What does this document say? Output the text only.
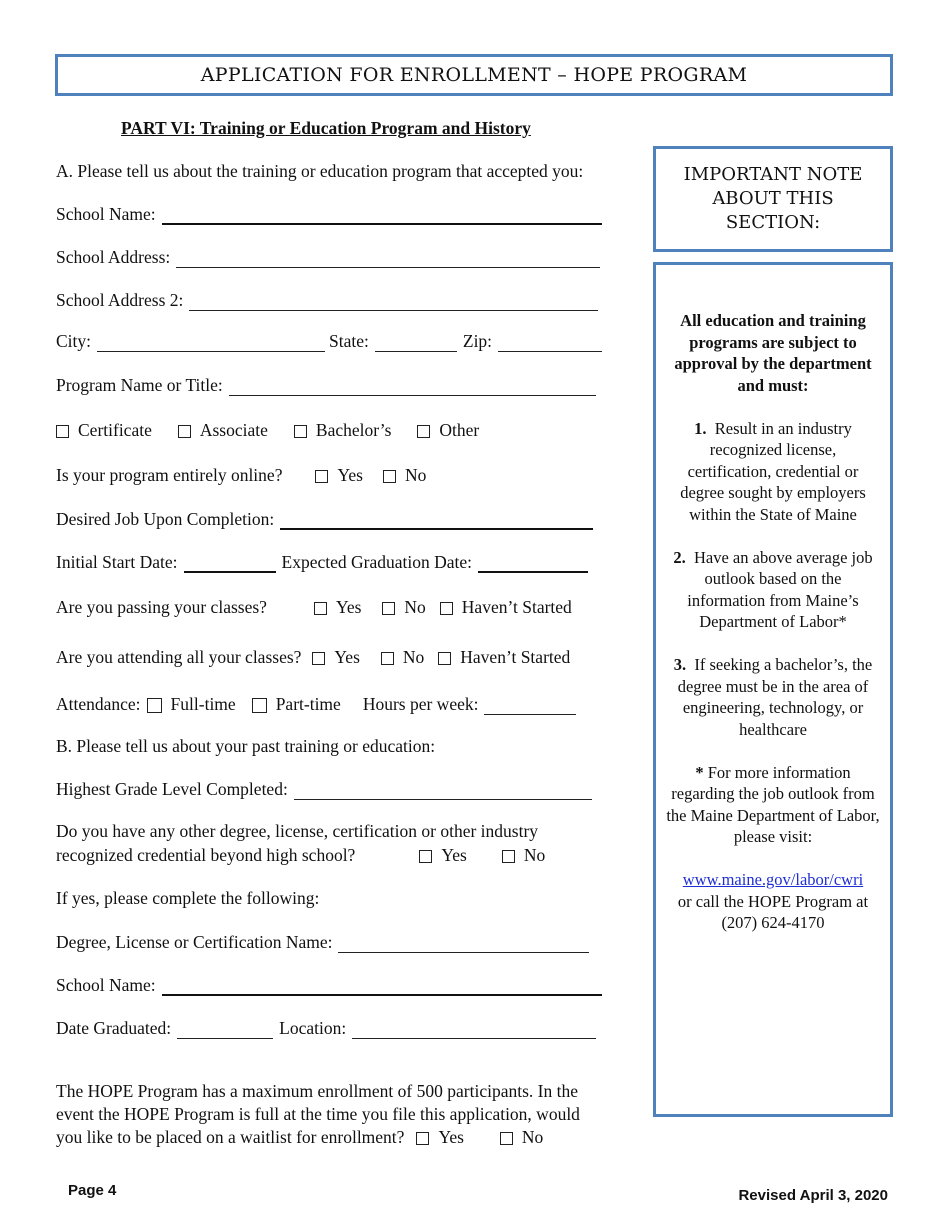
APPLICATION FOR ENROLLMENT – HOPE PROGRAM
PART VI: Training or Education Program and History
A. Please tell us about the training or education program that accepted you:
School Name:
School Address:
School Address 2:
City:	State:	Zip:
Program Name or Title:
Certificate	Associate	Bachelor’s	Other
Is your program entirely online?	Yes No
Desired Job Upon Completion:
Initial Start Date:	Expected Graduation Date:
Are you passing your classes?	Yes No Haven’t Started
Are you attending all your classes? Yes No Haven’t Started
Attendance: Full-time Part-time Hours per week:
B. Please tell us about your past training or education:
Highest Grade Level Completed:
Do you have any other degree, license, certification or other industry
recognized credential beyond high school?	Yes	No
If yes, please complete the following:
Degree, License or Certification Name:
School Name:
Date Graduated:	Location:
The HOPE Program has a maximum enrollment of 500 participants. In the
event the HOPE Program is full at the time you file this application, would
you like to be placed on a waitlist for enrollment? Yes	No
IMPORTANT NOTE ABOUT THIS SECTION:

All education and training programs are subject to approval by the department and must:

1. Result in an industry recognized license, certification, credential or degree sought by employers within the State of Maine

2. Have an above average job outlook based on the information from Maine’s Department of Labor*

3. If seeking a bachelor’s, the degree must be in the area of engineering, technology, or healthcare

* For more information regarding the job outlook from the Maine Department of Labor, please visit:

www.maine.gov/labor/cwri
or call the HOPE Program at (207) 624-4170
Page 4	Revised April 3, 2020
